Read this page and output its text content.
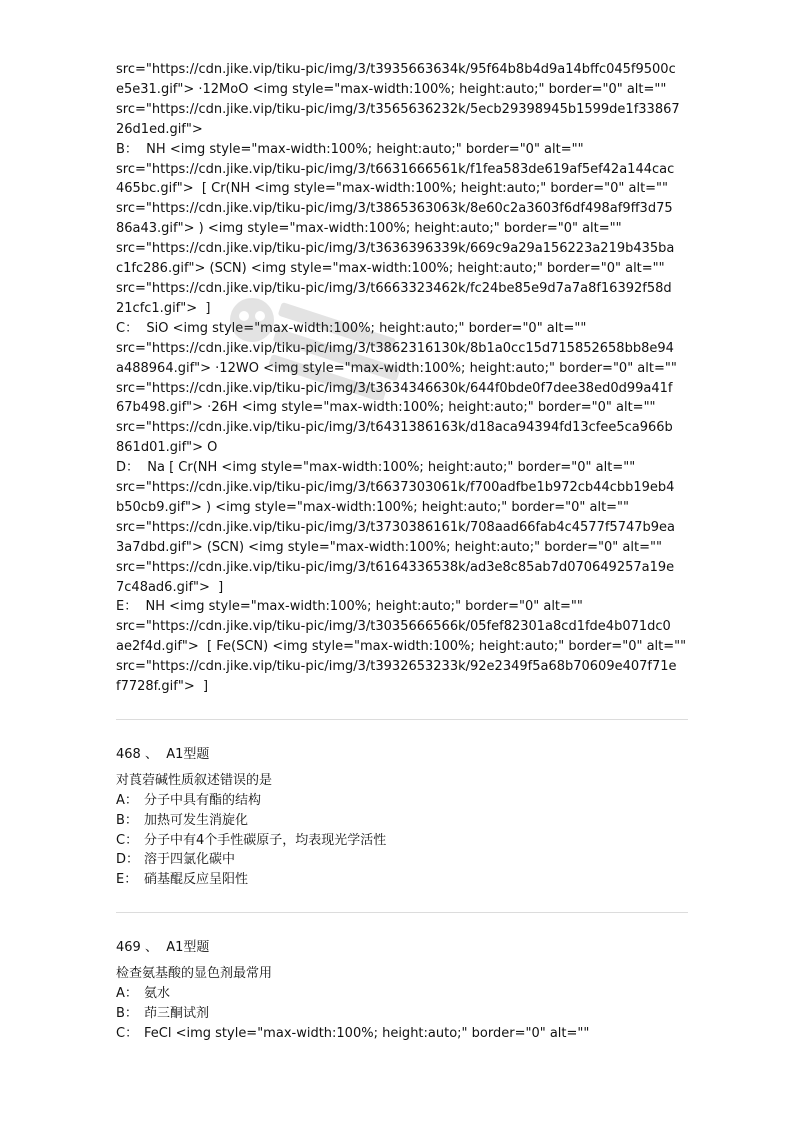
src="https://cdn.jike.vip/tiku-pic/img/3/t3935663634k/95f64b8b4d9a14bffc045f9500c
e5e31.gif"> ·12MoO <img style="max-width:100%; height:auto;" border="0" alt=""
src="https://cdn.jike.vip/tiku-pic/img/3/t3565636232k/5ecb29398945b1599de1f33867
26d1ed.gif">
B：  NH <img style="max-width:100%; height:auto;" border="0" alt=""
src="https://cdn.jike.vip/tiku-pic/img/3/t6631666561k/f1fea583de619af5ef42a144cac
465bc.gif">  [ Cr(NH <img style="max-width:100%; height:auto;" border="0" alt=""
src="https://cdn.jike.vip/tiku-pic/img/3/t3865363063k/8e60c2a3603f6df498af9ff3d75
86a43.gif"> ) <img style="max-width:100%; height:auto;" border="0" alt=""
src="https://cdn.jike.vip/tiku-pic/img/3/t3636396339k/669c9a29a156223a219b435ba
c1fc286.gif"> (SCN) <img style="max-width:100%; height:auto;" border="0" alt=""
src="https://cdn.jike.vip/tiku-pic/img/3/t6663323462k/fc24be85e9d7a7a8f16392f58d
21cfc1.gif">  ]
C：  SiO <img style="max-width:100%; height:auto;" border="0" alt=""
src="https://cdn.jike.vip/tiku-pic/img/3/t3862316130k/8b1a0cc15d715852658bb8e94
a488964.gif"> ·12WO <img style="max-width:100%; height:auto;" border="0" alt=""
src="https://cdn.jike.vip/tiku-pic/img/3/t3634346630k/644f0bde0f7dee38ed0d99a41f
67b498.gif"> ·26H <img style="max-width:100%; height:auto;" border="0" alt=""
src="https://cdn.jike.vip/tiku-pic/img/3/t6431386163k/d18aca94394fd13cfee5ca966b
861d01.gif"> O
D：  Na [ Cr(NH <img style="max-width:100%; height:auto;" border="0" alt=""
src="https://cdn.jike.vip/tiku-pic/img/3/t6637303061k/f700adfbe1b972cb44cbb19eb4
b50cb9.gif"> ) <img style="max-width:100%; height:auto;" border="0" alt=""
src="https://cdn.jike.vip/tiku-pic/img/3/t3730386161k/708aad66fab4c4577f5747b9ea
3a7dbd.gif"> (SCN) <img style="max-width:100%; height:auto;" border="0" alt=""
src="https://cdn.jike.vip/tiku-pic/img/3/t6164336538k/ad3e8c85ab7d070649257a19e
7c48ad6.gif">  ]
E：  NH <img style="max-width:100%; height:auto;" border="0" alt=""
src="https://cdn.jike.vip/tiku-pic/img/3/t3035666566k/05fef82301a8cd1fde4b071dc0
ae2f4d.gif">  [ Fe(SCN) <img style="max-width:100%; height:auto;" border="0" alt=""
src="https://cdn.jike.vip/tiku-pic/img/3/t3932653233k/92e2349f5a68b70609e407f71e
f7728f.gif">  ]
468 、  A1型题
对莨菪碱性质叙述错误的是
A： 分子中具有酯的结构
B： 加热可发生消旋化
C： 分子中有4个手性碳原子，均表现光学活性
D： 溶于四氯化碳中
E： 硝基醌反应呈阳性
469 、  A1型题
检查氨基酸的显色剂最常用
A： 氨水
B： 茚三酮试剂
C： FeCl <img style="max-width:100%; height:auto;" border="0" alt=""
